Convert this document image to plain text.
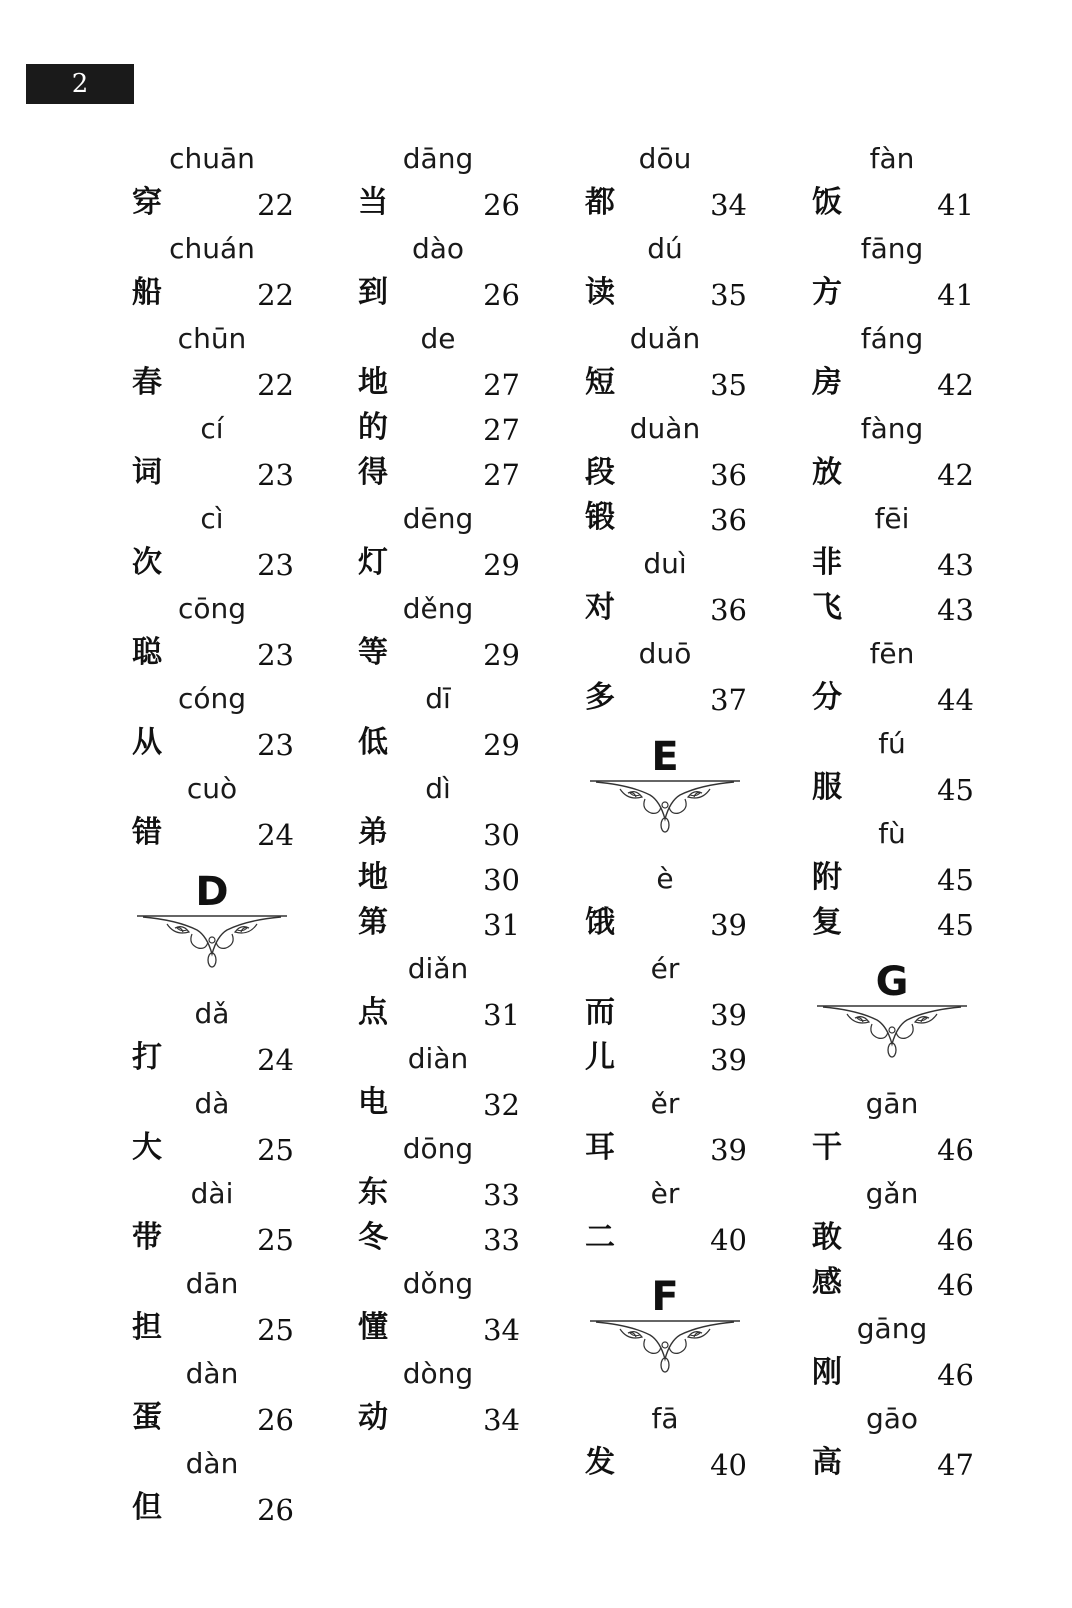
2
chuān
穿	22
chuán
船	22
chūn
春	22
cí
词	23
cì
次	23
cōng
聪	23
cóng
从	23
cuò
错	24
D
dǎ
打	24
dà
大	25
dài
带	25
dān
担	25
dàn
蛋	26
dàn
但	26
dāng
当	26
dào
到	26
de
地	27
的	27
得	27
dēng
灯	29
děng
等	29
dī
低	29
dì
弟	30
地	30
第	31
diǎn
点	31
diàn
电	32
dōng
东	33
冬	33
dǒng
懂	34
dòng
动	34
dōu
都	34
dú
读	35
duǎn
短	35
duàn
段	36
锻	36
duì
对	36
duō
多	37
E
è
饿	39
ér
而	39
儿	39
ěr
耳	39
èr
二	40
F
fā
发	40
fàn
饭	41
fāng
方	41
fáng
房	42
fàng
放	42
fēi
非	43
飞	43
fēn
分	44
fú
服	45
fù
附	45
复	45
G
gān
干	46
gǎn
敢	46
感	46
gāng
刚	46
gāo
高	47
